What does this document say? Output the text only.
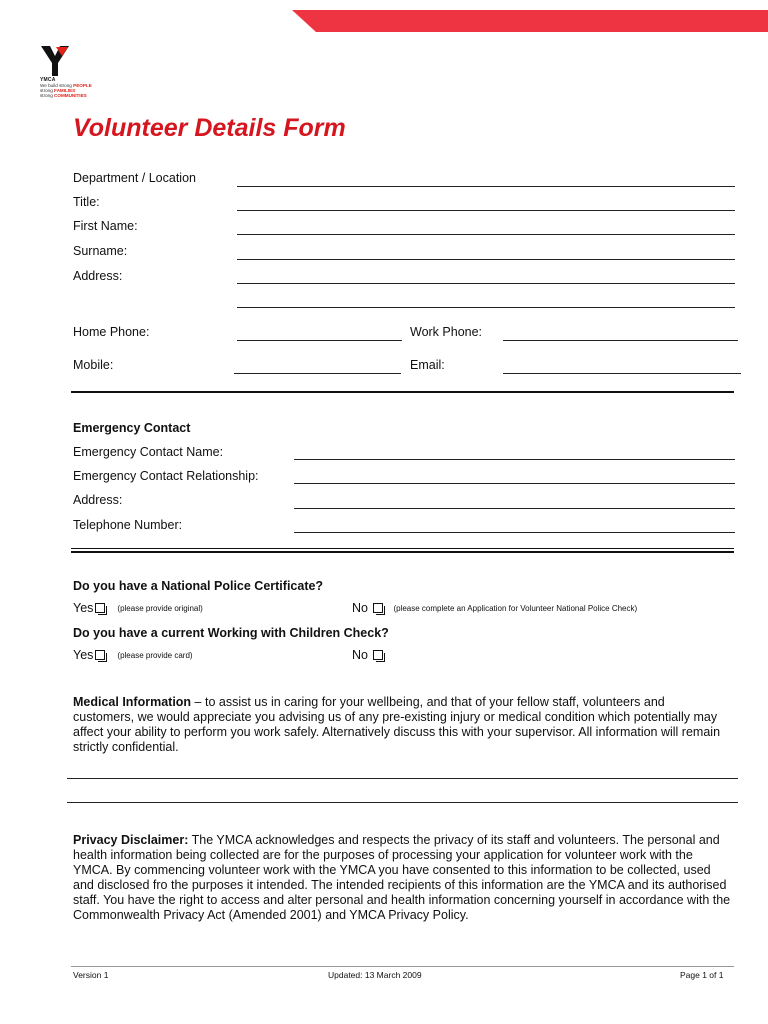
YMCA
We build strong PEOPLE
strong FAMILIES
strong COMMUNITIES
Volunteer Details Form
Department / Location
Title:
First Name:
Surname:
Address:
Home Phone:	Work Phone:
Mobile:	Email:
Emergency Contact
Emergency Contact Name:
Emergency Contact Relationship:
Address:
Telephone Number:
Do you have a National Police Certificate?
Yes	(please provide original)	No	(please complete an Application for Volunteer National Police Check)
Do you have a current Working with Children Check?
Yes	(please provide card)	No
Medical Information – to assist us in caring for your wellbeing, and that of your fellow staff, volunteers and customers, we would appreciate you advising us of any pre-existing injury or medical condition which potentially may affect your ability to perform you work safely. Alternatively discuss this with your supervisor. All information will remain strictly confidential.
Privacy Disclaimer: The YMCA acknowledges and respects the privacy of its staff and volunteers. The personal and health information being collected are for the purposes of processing your application for volunteer work with the YMCA. By commencing volunteer work with the YMCA you have consented to this information to be collected, used and disclosed fro the purposes it intended. The intended recipients of this information are the YMCA and its authorised staff. You have the right to access and alter personal and health information concerning yourself in accordance with the Commonwealth Privacy Act (Amended 2001) and YMCA Privacy Policy.
Version 1	Updated: 13 March 2009	Page 1 of 1
